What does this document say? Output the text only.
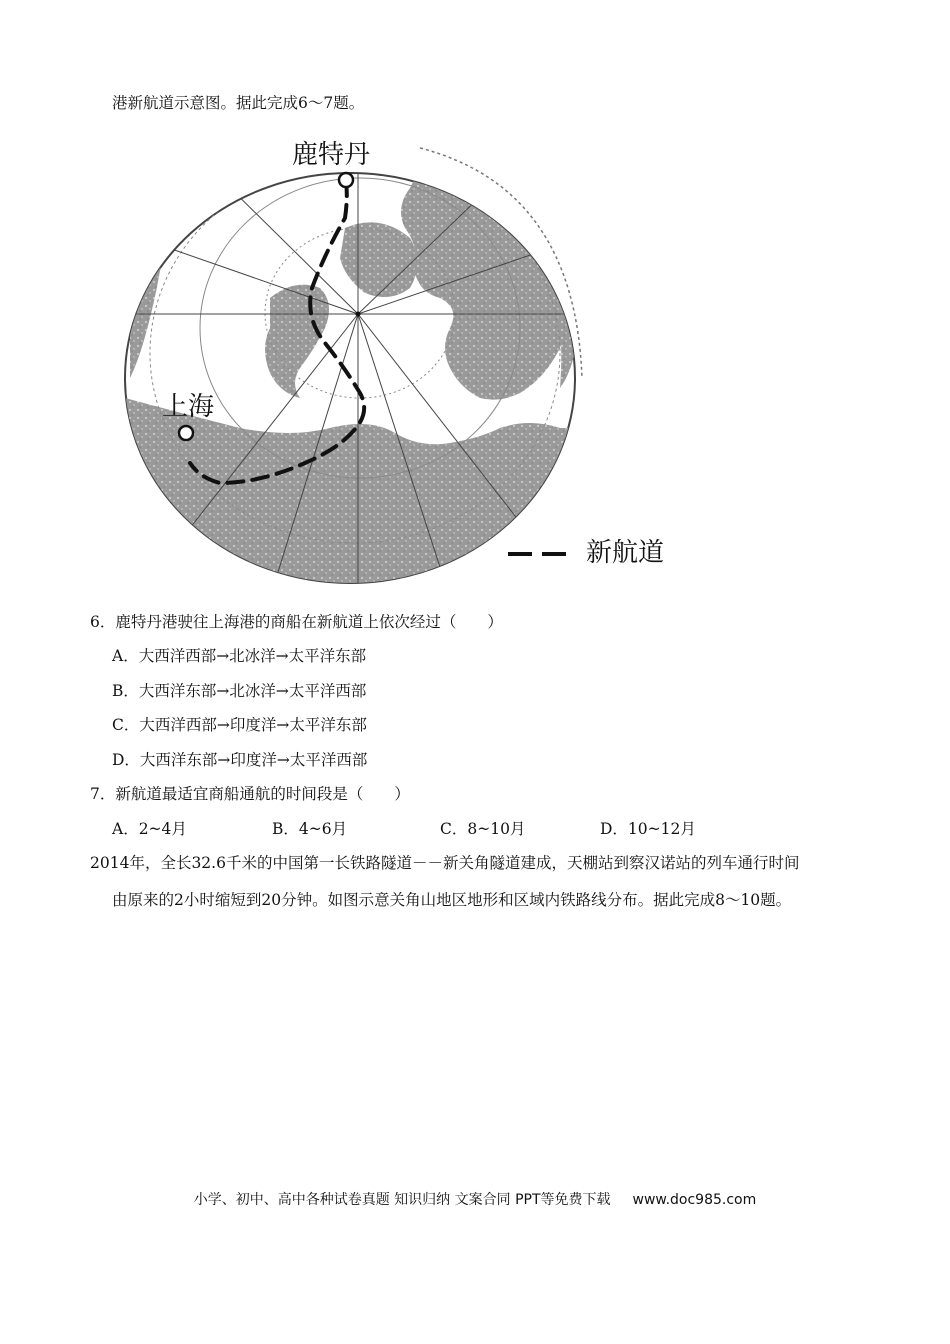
港新航道示意图。据此完成6～7题。

鹿特丹
上海
新航道

6．鹿特丹港驶往上海港的商船在新航道上依次经过（　　）

A．大西洋西部→北冰洋→太平洋东部
B．大西洋东部→北冰洋→太平洋西部
C．大西洋西部→印度洋→太平洋东部
D．大西洋东部→印度洋→太平洋西部

7．新航道最适宜商船通航的时间段是（　　）

A．2~4月	B．4~6月	C．8~10月	D．10~12月

2014年，全长32.6千米的中国第一长铁路隧道－－新关角隧道建成，天棚站到察汉诺站的列车通行时间

由原来的2小时缩短到20分钟。如图示意关角山地区地形和区域内铁路线分布。据此完成8～10题。

小学、初中、高中各种试卷真题 知识归纳 文案合同 PPT等免费下载 www.doc985.com
